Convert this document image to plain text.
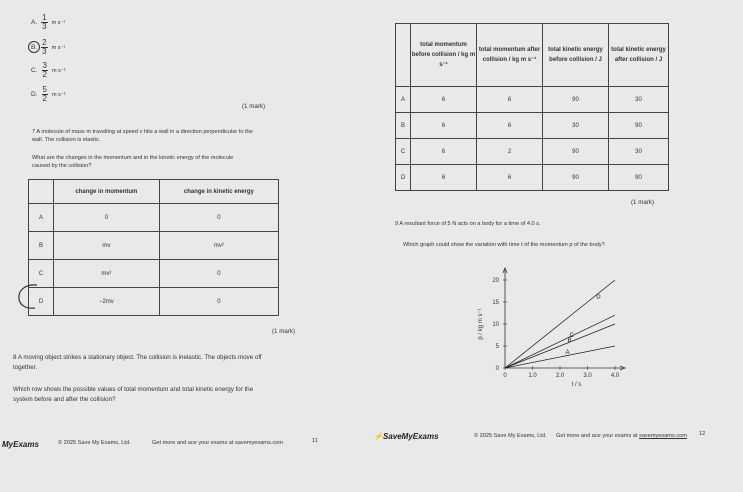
A. $\frac{1}{3}$ m s⁻¹
B. $\frac{2}{3}$ m s⁻¹
C. $\frac{3}{2}$ m s⁻¹
D. $\frac{5}{2}$ m s⁻¹
(1 mark)
7 A molecule of mass m travelling at speed v hits a wall in a direction perpendicular to the
wall. The collision is elastic.
What are the changes in the momentum and in the kinetic energy of the molecule
caused by the collision?
	change in momentum	change in kinetic energy
A	0	0
B	mv	mv²
C	mv²	0
D	−2mv	0
(1 mark)
8 A moving object strikes a stationary object. The collision is inelastic. The objects move off
together.
Which row shows the possible values of total momentum and total kinetic energy for the
system before and after the collision?
MyExams	© 2025 Save My Exams, Ltd.	Get more and ace your exams at savemyexams.com	11
	total momentum before collision / kg m s⁻¹	total momentum after collision / kg m s⁻¹	total kinetic energy before collision / J	total kinetic energy after collision / J
A	6	6	90	30
B	6	6	30	90
C	6	2	90	30
D	6	6	90	90
(1 mark)
9 A resultant force of 5 N acts on a body for a time of 4.0 s.
Which graph could show the variation with time t of the momentum p of the body?
0
5
10
15
20
0	1.0	2.0	3.0	4.0
t / s
p / kg m s⁻¹
A
B
C
D
⚡SaveMyExams	© 2025 Save My Exams, Ltd. Get more and ace your exams at savemyexams.com 12
